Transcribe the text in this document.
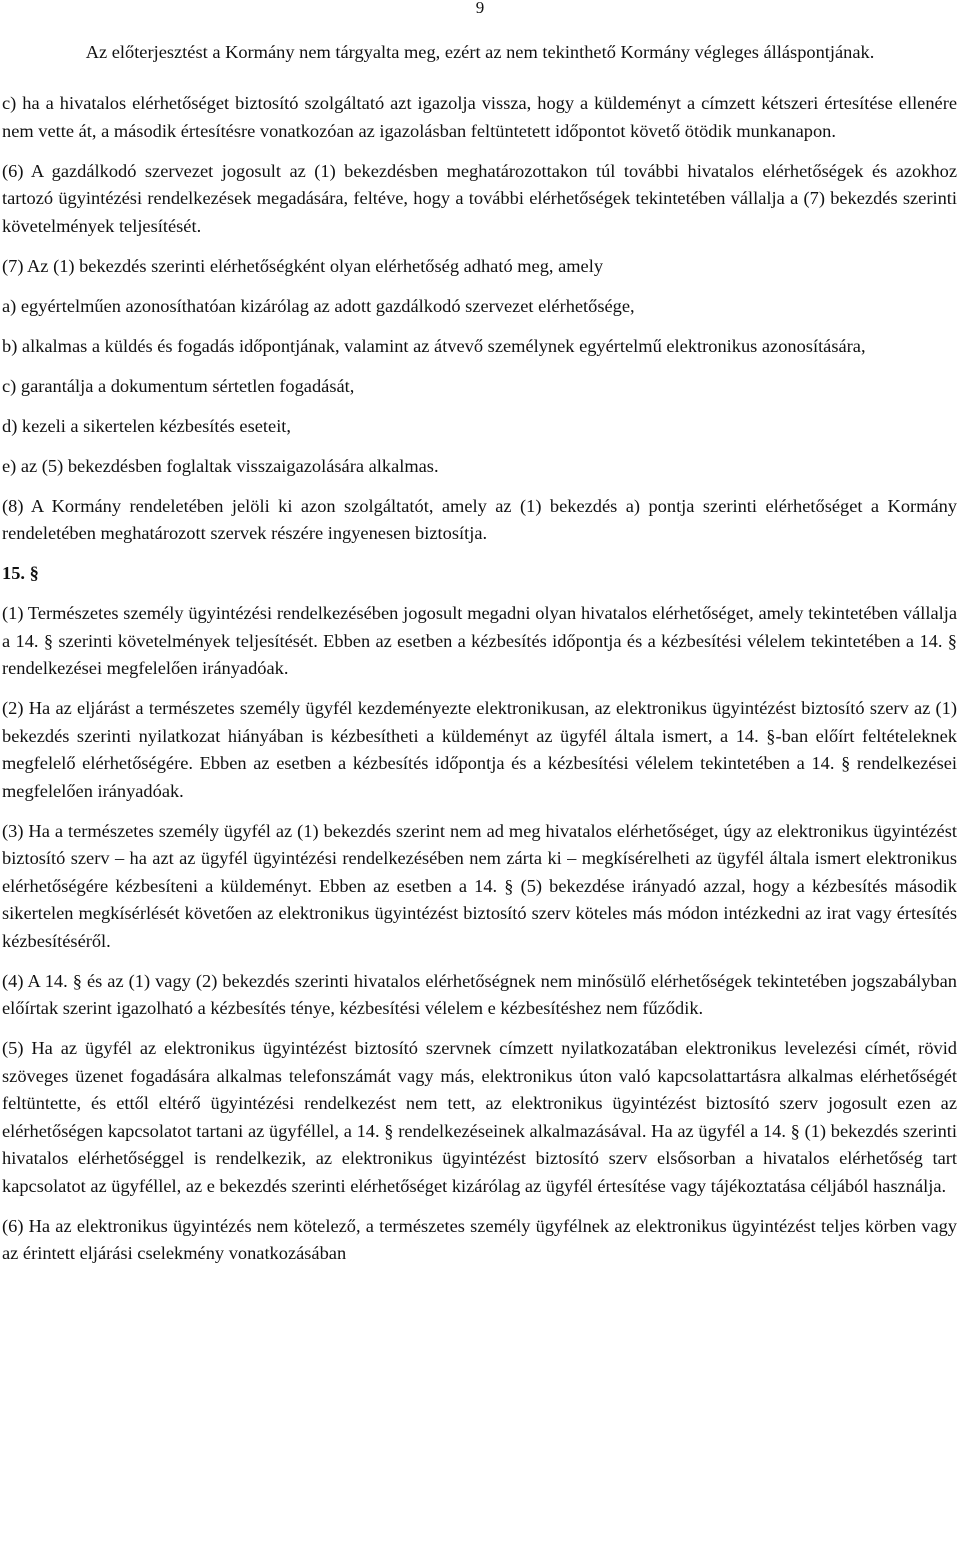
9
Az előterjesztést a Kormány nem tárgyalta meg, ezért az nem tekinthető Kormány végleges álláspontjának.

c) ha a hivatalos elérhetőséget biztosító szolgáltató azt igazolja vissza, hogy a küldeményt a címzett kétszeri értesítése ellenére nem vette át, a második értesítésre vonatkozóan az igazolásban feltüntetett időpontot követő ötödik munkanapon.

(6) A gazdálkodó szervezet jogosult az (1) bekezdésben meghatározottakon túl további hivatalos elérhetőségek és azokhoz tartozó ügyintézési rendelkezések megadására, feltéve, hogy a további elérhetőségek tekintetében vállalja a (7) bekezdés szerinti követelmények teljesítését.

(7) Az (1) bekezdés szerinti elérhetőségként olyan elérhetőség adható meg, amely

a) egyértelműen azonosíthatóan kizárólag az adott gazdálkodó szervezet elérhetősége,

b) alkalmas a küldés és fogadás időpontjának, valamint az átvevő személynek egyértelmű elektronikus azonosítására,

c) garantálja a dokumentum sértetlen fogadását,

d) kezeli a sikertelen kézbesítés eseteit,

e) az (5) bekezdésben foglaltak visszaigazolására alkalmas.

(8) A Kormány rendeletében jelöli ki azon szolgáltatót, amely az (1) bekezdés a) pontja szerinti elérhetőséget a Kormány rendeletében meghatározott szervek részére ingyenesen biztosítja.

15. §

(1) Természetes személy ügyintézési rendelkezésében jogosult megadni olyan hivatalos elérhetőséget, amely tekintetében vállalja a 14. § szerinti követelmények teljesítését. Ebben az esetben a kézbesítés időpontja és a kézbesítési vélelem tekintetében a 14. § rendelkezései megfelelően irányadóak.

(2) Ha az eljárást a természetes személy ügyfél kezdeményezte elektronikusan, az elektronikus ügyintézést biztosító szerv az (1) bekezdés szerinti nyilatkozat hiányában is kézbesítheti a küldeményt az ügyfél általa ismert, a 14. §-ban előírt feltételeknek megfelelő elérhetőségére. Ebben az esetben a kézbesítés időpontja és a kézbesítési vélelem tekintetében a 14. § rendelkezései megfelelően irányadóak.

(3) Ha a természetes személy ügyfél az (1) bekezdés szerint nem ad meg hivatalos elérhetőséget, úgy az elektronikus ügyintézést biztosító szerv – ha azt az ügyfél ügyintézési rendelkezésében nem zárta ki – megkísérelheti az ügyfél általa ismert elektronikus elérhetőségére kézbesíteni a küldeményt. Ebben az esetben a 14. § (5) bekezdése irányadó azzal, hogy a kézbesítés második sikertelen megkísérlését követően az elektronikus ügyintézést biztosító szerv köteles más módon intézkedni az irat vagy értesítés kézbesítéséről.

(4) A 14. § és az (1) vagy (2) bekezdés szerinti hivatalos elérhetőségnek nem minősülő elérhetőségek tekintetében jogszabályban előírtak szerint igazolható a kézbesítés ténye, kézbesítési vélelem e kézbesítéshez nem fűződik.

(5) Ha az ügyfél az elektronikus ügyintézést biztosító szervnek címzett nyilatkozatában elektronikus levelezési címét, rövid szöveges üzenet fogadására alkalmas telefonszámát vagy más, elektronikus úton való kapcsolattartásra alkalmas elérhetőségét feltüntette, és ettől eltérő ügyintézési rendelkezést nem tett, az elektronikus ügyintézést biztosító szerv jogosult ezen az elérhetőségen kapcsolatot tartani az ügyféllel, a 14. § rendelkezéseinek alkalmazásával. Ha az ügyfél a 14. § (1) bekezdés szerinti hivatalos elérhetőséggel is rendelkezik, az elektronikus ügyintézést biztosító szerv elsősorban a hivatalos elérhetőség tart kapcsolatot az ügyféllel, az e bekezdés szerinti elérhetőséget kizárólag az ügyfél értesítése vagy tájékoztatása céljából használja.

(6) Ha az elektronikus ügyintézés nem kötelező, a természetes személy ügyfélnek az elektronikus ügyintézést teljes körben vagy az érintett eljárási cselekmény vonatkozásában
